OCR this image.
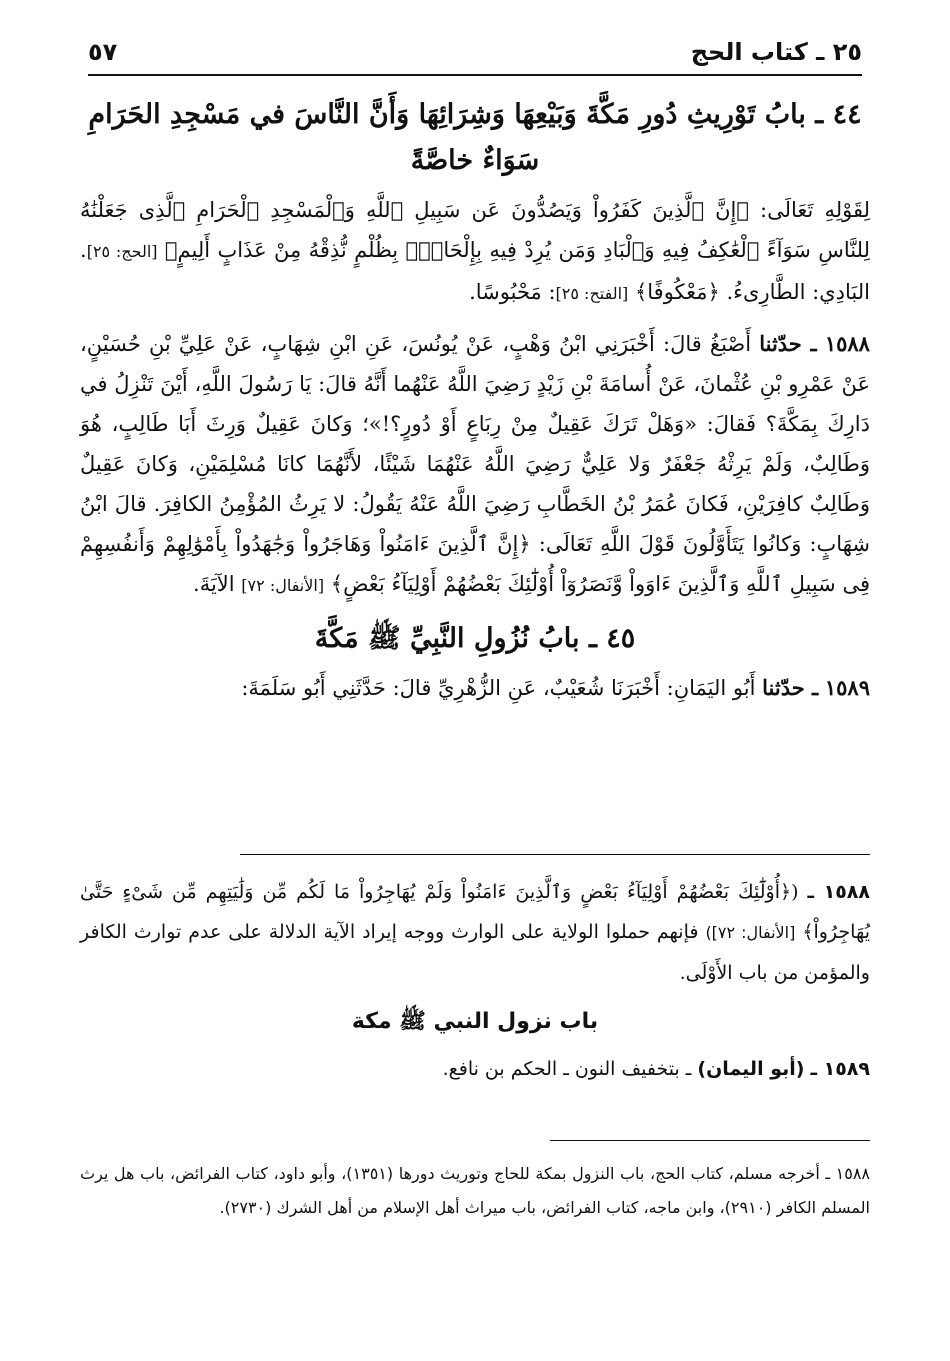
٢٥ ـ كتاب الحج
٥٧
٤٤ ـ بابُ تَوْرِيثِ دُورِ مَكَّةَ وَبَيْعِهَا وَشِرَائِهَا وَأَنَّ النَّاسَ في مَسْجِدِ الحَرَامِ سَوَاءٌ خاصَّةً

لِقَوْلِهِ تَعَالَى: ﴿إِنَّ ٱلَّذِينَ كَفَرُواْ وَيَصُدُّونَ عَن سَبِيلِ ٱللَّهِ وَٱلْمَسْجِدِ ٱلْحَرَامِ ٱلَّذِى جَعَلْنَٰهُ لِلنَّاسِ سَوَآءً ٱلْعَٰكِفُ فِيهِ وَٱلْبَادِ وَمَن يُرِدْ فِيهِ بِإِلْحَادٍۭ بِظُلْمٍ نُّذِقْهُ مِنْ عَذَابٍ أَلِيمٍ﴾ [الحج: ٢٥]. البَادِي: الطَّارِىءُ. ﴿مَعْكُوفًا﴾ [الفتح: ٢٥]: مَحْبُوسًا.

١٥٨٨ ـ حدّثنا أَصْبَغُ قالَ: أَخْبَرَنِي ابْنُ وَهْبٍ، عَنْ يُونُسَ، عَنِ ابْنِ شِهَابٍ، عَنْ عَلِيِّ بْنِ حُسَيْنٍ، عَنْ عَمْرِو بْنِ عُثْمانَ، عَنْ أُسامَةَ بْنِ زَيْدٍ رَضِيَ اللَّهُ عَنْهُما أَنَّهُ قالَ: يَا رَسُولَ اللَّهِ، أَيْنَ تَنْزِلُ في دَارِكَ بِمَكَّةَ؟ فَقالَ: «وَهَلْ تَرَكَ عَقِيلٌ مِنْ رِبَاعٍ أَوْ دُورٍ؟!»؛ وَكانَ عَقِيلٌ وَرِثَ أَبَا طَالِبٍ، هُوَ وَطَالِبٌ، وَلَمْ يَرِثْهُ جَعْفَرٌ وَلا عَلِيٌّ رَضِيَ اللَّهُ عَنْهُمَا شَيْئًا، لأَنَّهُمَا كانَا مُسْلِمَيْنِ، وَكانَ عَقِيلٌ وَطَالِبٌ كافِرَيْنِ، فَكانَ عُمَرُ بْنُ الخَطَّابِ رَضِيَ اللَّهُ عَنْهُ يَقُولُ: لا يَرِثُ المُؤْمِنُ الكافِرَ. قالَ ابْنُ شِهَابٍ: وَكانُوا يَتَأَوَّلُونَ قَوْلَ اللَّهِ تَعَالَى: ﴿إِنَّ ٱلَّذِينَ ءَامَنُواْ وَهَاجَرُواْ وَجَٰهَدُواْ بِأَمْوَٰلِهِمْ وَأَنفُسِهِمْ فِى سَبِيلِ ٱللَّهِ وَٱلَّذِينَ ءَاوَواْ وَّنَصَرُوٓاْ أُوْلَٰٓئِكَ بَعْضُهُمْ أَوْلِيَآءُ بَعْضٍ﴾ [الأنفال: ٧٢] الآيَةَ.

٤٥ ـ بابُ نُزُولِ النَّبِيِّ ﷺ مَكَّةَ

١٥٨٩ ـ حدّثنا أَبُو اليَمَانِ: أَخْبَرَنَا شُعَيْبٌ، عَنِ الزُّهْرِيِّ قالَ: حَدَّثَنِي أَبُو سَلَمَةَ:

١٥٨٨ ـ (﴿أُوْلَٰٓئِكَ بَعْضُهُمْ أَوْلِيَآءُ بَعْضٍ وَٱلَّذِينَ ءَامَنُواْ وَلَمْ يُهَاجِرُواْ مَا لَكُم مِّن وَلَٰيَتِهِم مِّن شَىْءٍ حَتَّىٰ يُهَاجِرُواْ﴾ [الأنفال: ٧٢]) فإنهم حملوا الولاية على الوارث ووجه إيراد الآية الدلالة على عدم توارث الكافر والمؤمن من باب الأَوْلَى.

باب نزول النبي ﷺ مكة

١٥٨٩ ـ (أبو اليمان) ـ بتخفيف النون ـ الحكم بن نافع.

١٥٨٨ ـ أخرجه مسلم، كتاب الحج، باب النزول بمكة للحاج وتوريث دورها (١٣٥١)، وأبو داود، كتاب الفرائض، باب هل يرث المسلم الكافر (٢٩١٠)، وابن ماجه، كتاب الفرائض، باب ميراث أهل الإسلام من أهل الشرك (٢٧٣٠).
